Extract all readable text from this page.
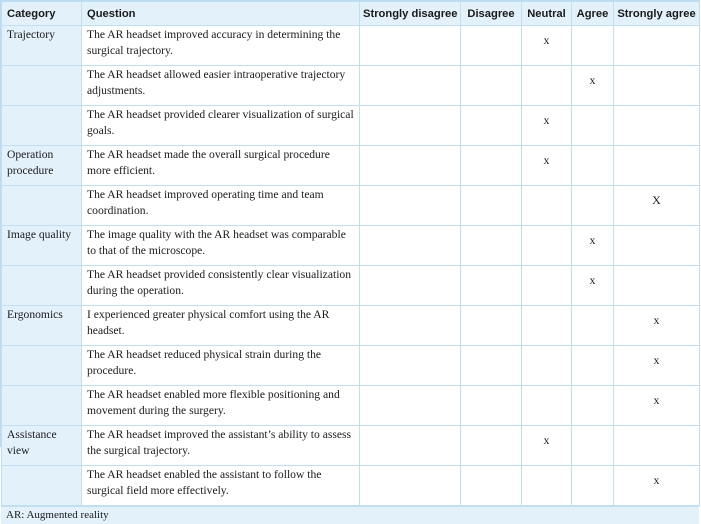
Category	Question	Strongly disagree	Disagree	Neutral	Agree	Strongly agree
Trajectory	The AR headset improved accuracy in determining the surgical trajectory.			x		
	The AR headset allowed easier intraoperative trajectory adjustments.				x	
	The AR headset provided clearer visualization of surgical goals.			x		
Operation procedure	The AR headset made the overall surgical procedure more efficient.			x		
	The AR headset improved operating time and team coordination.					X
Image quality	The image quality with the AR headset was comparable to that of the microscope.				x	
	The AR headset provided consistently clear visualization during the operation.				x	
Ergonomics	I experienced greater physical comfort using the AR headset.					x
	The AR headset reduced physical strain during the procedure.					x
	The AR headset enabled more flexible positioning and movement during the surgery.					x
Assistance view	The AR headset improved the assistant’s ability to assess the surgical trajectory.			x		
	The AR headset enabled the assistant to follow the surgical field more effectively.					x
AR: Augmented reality
